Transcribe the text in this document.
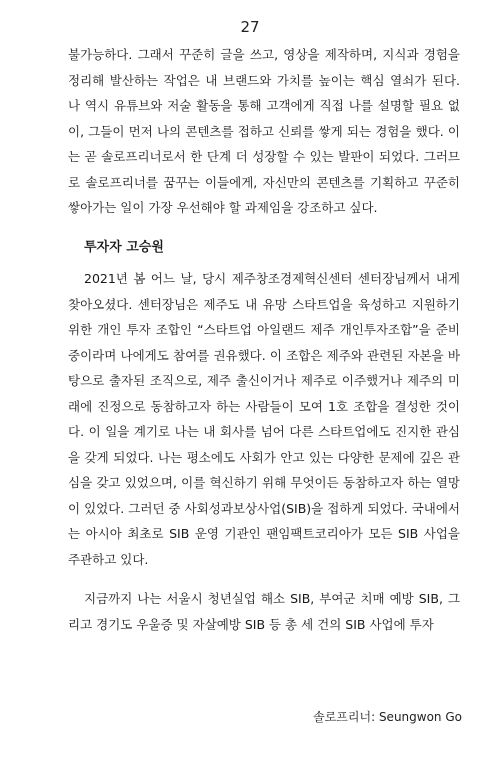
27

불가능하다. 그래서 꾸준히 글을 쓰고, 영상을 제작하며, 지식과 경험을 정리해 발산하는 작업은 내 브랜드와 가치를 높이는 핵심 열쇠가 된다. 나 역시 유튜브와 저술 활동을 통해 고객에게 직접 나를 설명할 필요 없이, 그들이 먼저 나의 콘텐츠를 접하고 신뢰를 쌓게 되는 경험을 했다. 이는 곧 솔로프리너로서 한 단계 더 성장할 수 있는 발판이 되었다. 그러므로 솔로프리너를 꿈꾸는 이들에게, 자신만의 콘텐츠를 기획하고 꾸준히 쌓아가는 일이 가장 우선해야 할 과제임을 강조하고 싶다.

투자자 고승원

2021년 봄 어느 날, 당시 제주창조경제혁신센터 센터장님께서 내게 찾아오셨다. 센터장님은 제주도 내 유망 스타트업을 육성하고 지원하기 위한 개인 투자 조합인 “스타트업 아일랜드 제주 개인투자조합”을 준비 중이라며 나에게도 참여를 권유했다. 이 조합은 제주와 관련된 자본을 바탕으로 출자된 조직으로, 제주 출신이거나 제주로 이주했거나 제주의 미래에 진정으로 동참하고자 하는 사람들이 모여 1호 조합을 결성한 것이다. 이 일을 계기로 나는 내 회사를 넘어 다른 스타트업에도 진지한 관심을 갖게 되었다. 나는 평소에도 사회가 안고 있는 다양한 문제에 깊은 관심을 갖고 있었으며, 이를 혁신하기 위해 무엇이든 동참하고자 하는 열망이 있었다. 그러던 중 사회성과보상사업(SIB)을 접하게 되었다. 국내에서는 아시아 최초로 SIB 운영 기관인 팬임팩트코리아가 모든 SIB 사업을 주관하고 있다.

지금까지 나는 서울시 청년실업 해소 SIB, 부여군 치매 예방 SIB, 그리고 경기도 우울증 및 자살예방 SIB 등 총 세 건의 SIB 사업에 투자

솔로프리너: Seungwon Go
